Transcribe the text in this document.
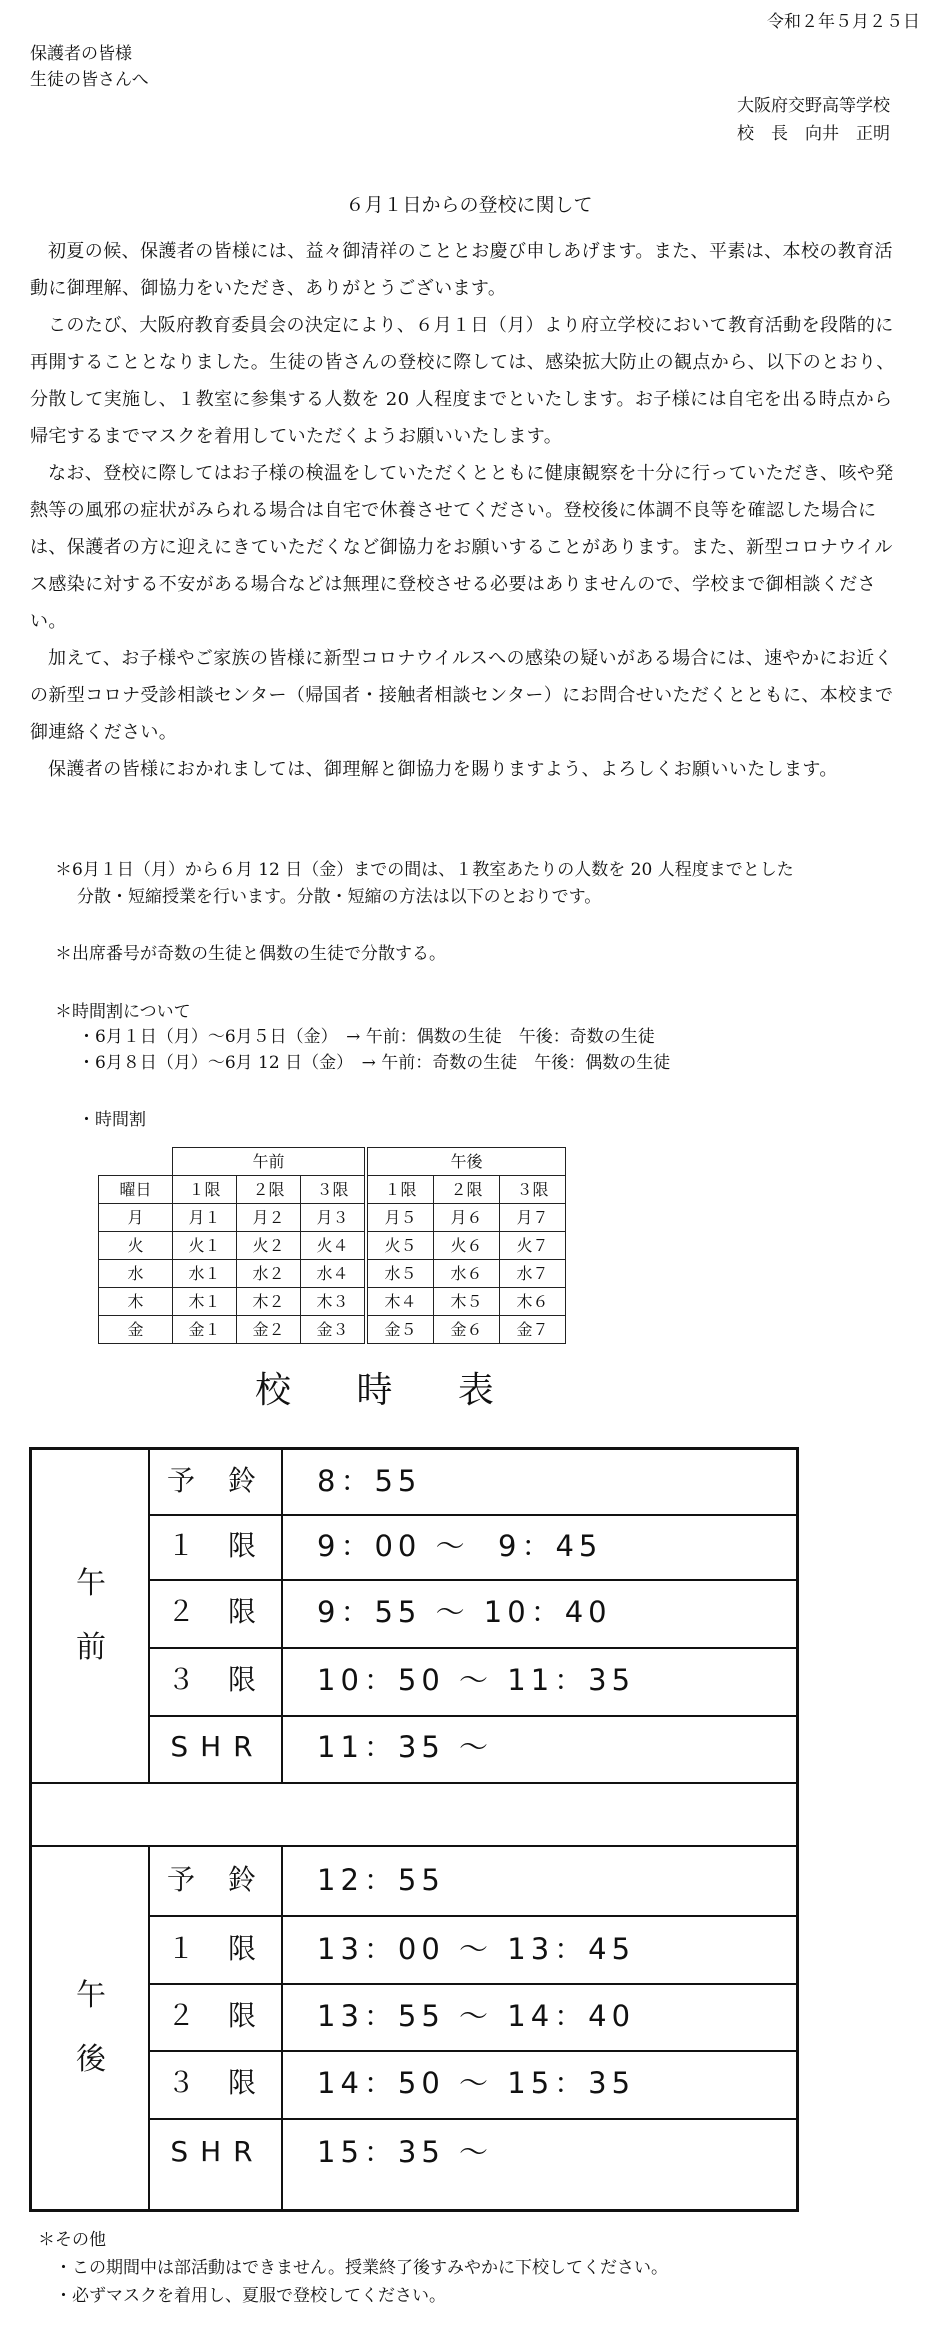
令和２年５月２５日
保護者の皆様
生徒の皆さんへ
大阪府交野高等学校
校　長　向井　正明
６月１日からの登校に関して
初夏の候、保護者の皆様には、益々御清祥のこととお慶び申しあげます。また、平素は、本校の教育活動に御理解、御協力をいただき、ありがとうございます。
このたび、大阪府教育委員会の決定により、６月１日（月）より府立学校において教育活動を段階的に再開することとなりました。生徒の皆さんの登校に際しては、感染拡大防止の観点から、以下のとおり、分散して実施し、１教室に参集する人数を 20 人程度までといたします。お子様には自宅を出る時点から帰宅するまでマスクを着用していただくようお願いいたします。
なお、登校に際してはお子様の検温をしていただくとともに健康観察を十分に行っていただき、咳や発熱等の風邪の症状がみられる場合は自宅で休養させてください。登校後に体調不良等を確認した場合には、保護者の方に迎えにきていただくなど御協力をお願いすることがあります。また、新型コロナウイルス感染に対する不安がある場合などは無理に登校させる必要はありませんので、学校まで御相談ください。
加えて、お子様やご家族の皆様に新型コロナウイルスへの感染の疑いがある場合には、速やかにお近くの新型コロナ受診相談センター（帰国者・接触者相談センター）にお問合せいただくとともに、本校まで御連絡ください。
保護者の皆様におかれましては、御理解と御協力を賜りますよう、よろしくお願いいたします。
＊6月１日（月）から６月 12 日（金）までの間は、１教室あたりの人数を 20 人程度までとした
分散・短縮授業を行います。分散・短縮の方法は以下のとおりです。
＊出席番号が奇数の生徒と偶数の生徒で分散する。
＊時間割について
・6月１日（月）～6月５日（金）　→ 午前：偶数の生徒　午後：奇数の生徒
・6月８日（月）～6月 12 日（金）　→ 午前：奇数の生徒　午後：偶数の生徒
・時間割
	午前				午後		
曜日	１限	２限	３限		１限	２限	３限
月	月１	月２	月３		月５	月６	月７
火	火１	火２	火４		火５	火６	火７
水	水１	水２	水４		水５	水６	水７
木	木１	木２	木３		木４	木５	木６
金	金１	金２	金３		金５	金６	金７
校 時 表
午
前
予 鈴	8：55
１ 限	9：00 ～  9：45
２ 限	9：55 ～ 10：40
３ 限	10：50 ～ 11：35
SHR	11：35 ～
午
後
予 鈴	12：55
１ 限	13：00 ～ 13：45
２ 限	13：55 ～ 14：40
３ 限	14：50 ～ 15：35
SHR	15：35 ～
＊その他
・この期間中は部活動はできません。授業終了後すみやかに下校してください。
・必ずマスクを着用し、夏服で登校してください。
